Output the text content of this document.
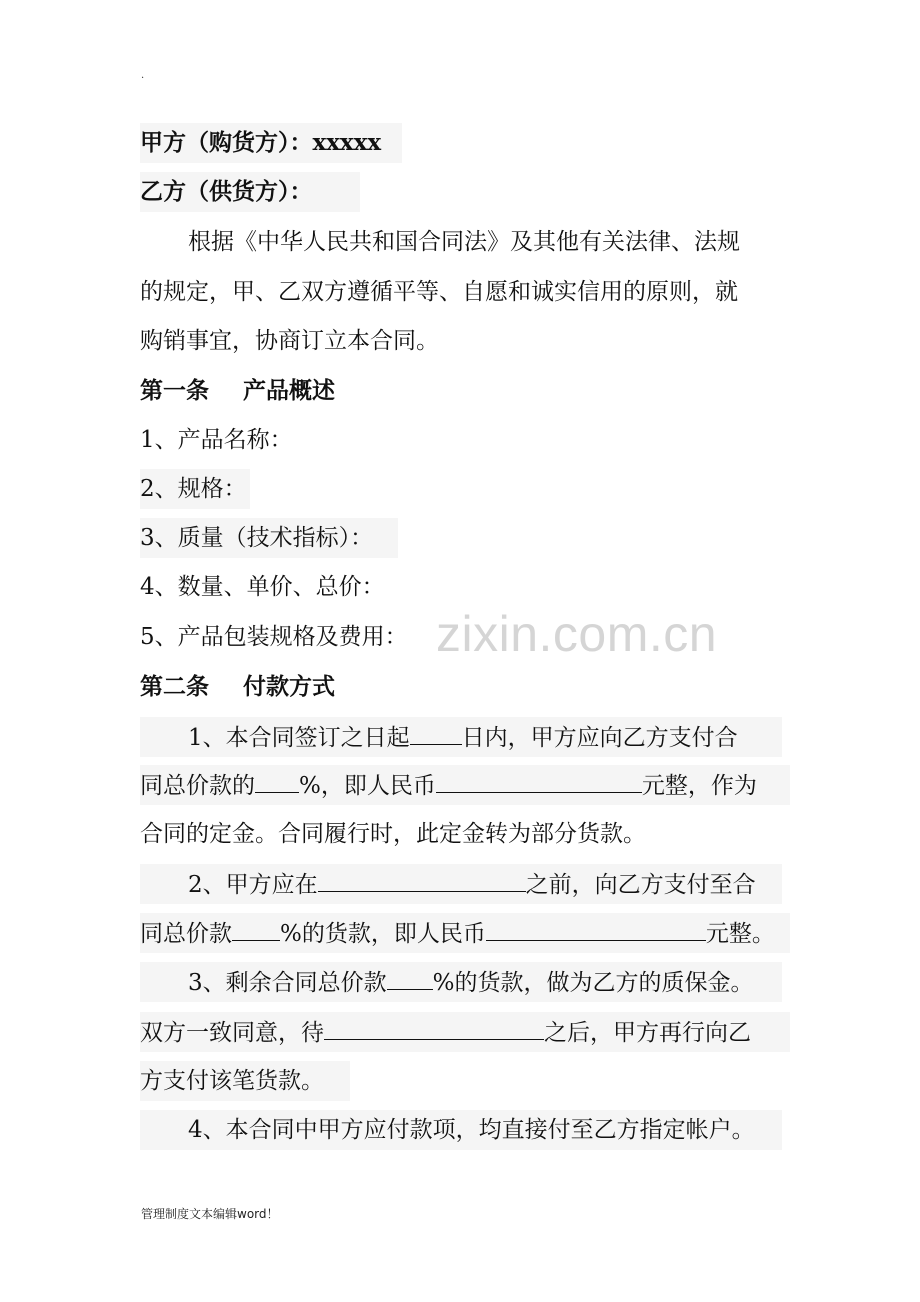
.
甲方（购货方）：xxxxx
乙方（供货方）：
根据《中华人民共和国合同法》及其他有关法律、法规
的规定，甲、乙双方遵循平等、自愿和诚实信用的原则，就
购销事宜，协商订立本合同。
第一条 产品概述
1、产品名称：
2、规格：
3、质量（技术指标）：
4、数量、单价、总价：
5、产品包装规格及费用：
第二条 付款方式
1、本合同签订之日起 日内，甲方应向乙方支付合
同总价款的 %，即人民币	元整，作为
合同的定金。合同履行时，此定金转为部分货款。
2、甲方应在	之前，向乙方支付至合
同总价款 %的货款，即人民币	元整。
3、剩余合同总价款 %的货款，做为乙方的质保金。
双方一致同意，待	之后，甲方再行向乙
方支付该笔货款。
4、本合同中甲方应付款项，均直接付至乙方指定帐户。
zixin.com.cn
管理制度文本编辑word！
